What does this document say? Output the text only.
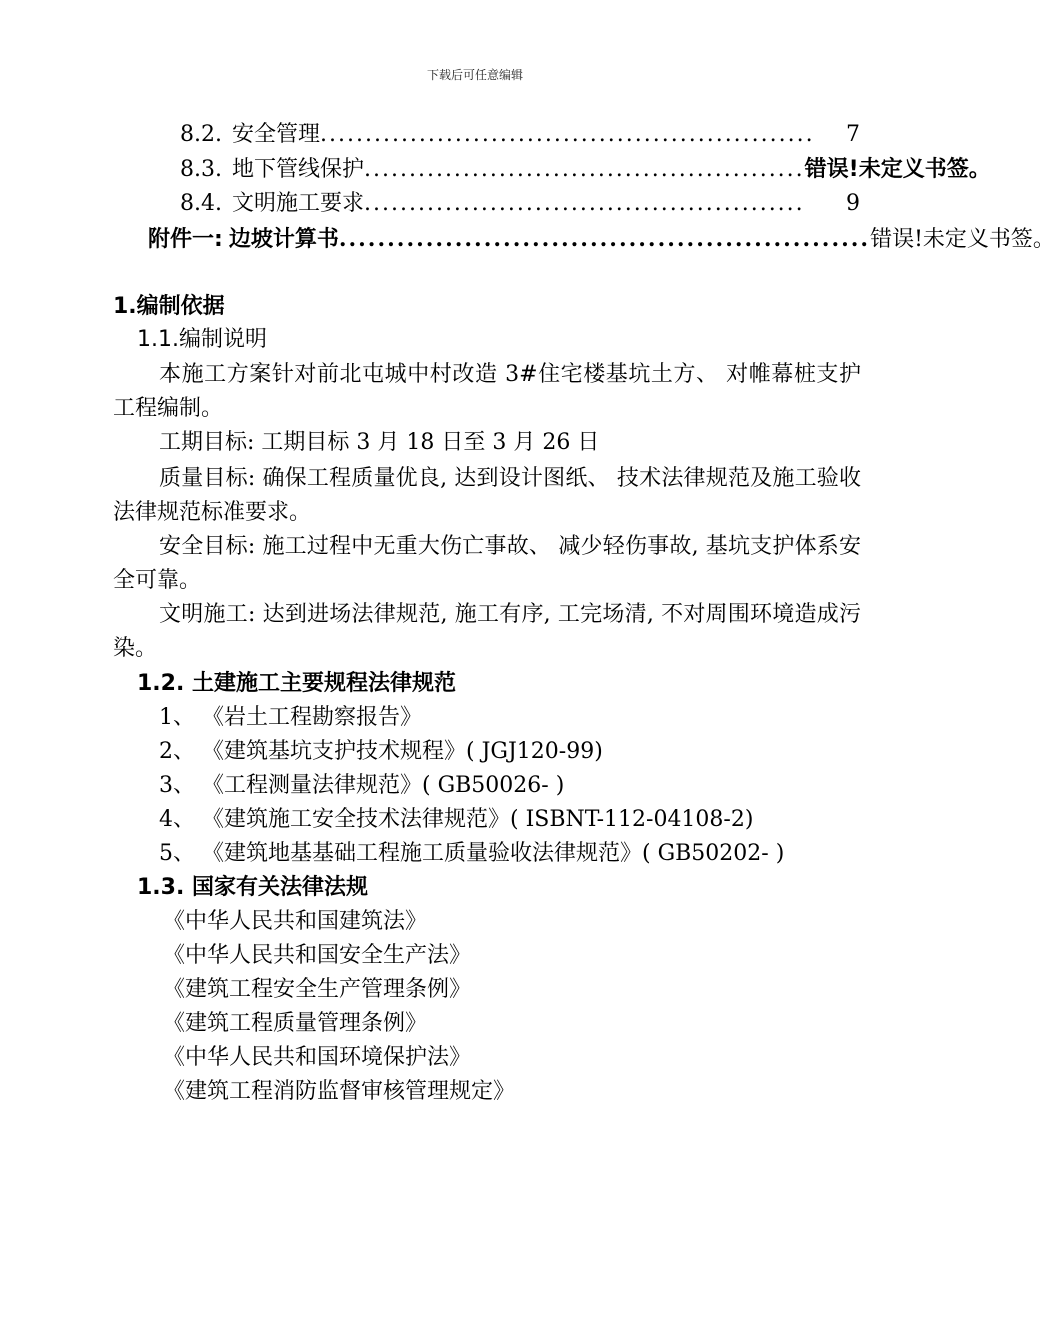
下载后可任意编辑
8.2. 安全管理 .......................................................	7
8.3. 地下管线保护 ................................................. 错误!未定义书签。
8.4. 文明施工要求 .................................................	9
附件一: 边坡计算书 ....................................................... 错误!未定义书签。
1.编制依据
1.1.编制说明
本施工方案针对前北屯城中村改造 3#住宅楼基坑土方、 对帷幕桩支护工程编制。
工期目标: 工期目标 3 月 18 日至 3 月 26 日
质量目标: 确保工程质量优良, 达到设计图纸、 技术法律规范及施工验收法律规范标准要求。
安全目标: 施工过程中无重大伤亡事故、 减少轻伤事故, 基坑支护体系安全可靠。
文明施工: 达到进场法律规范, 施工有序, 工完场清, 不对周围环境造成污染。
1.2. 土建施工主要规程法律规范
1、 《岩土工程勘察报告》
2、 《建筑基坑支护技术规程》( JGJ120-99)
3、 《工程测量法律规范》( GB50026- )
4、 《建筑施工安全技术法律规范》( ISBNT-112-04108-2)
5、 《建筑地基基础工程施工质量验收法律规范》( GB50202- )
1.3. 国家有关法律法规
《中华人民共和国建筑法》
《中华人民共和国安全生产法》
《建筑工程安全生产管理条例》
《建筑工程质量管理条例》
《中华人民共和国环境保护法》
《建筑工程消防监督审核管理规定》
